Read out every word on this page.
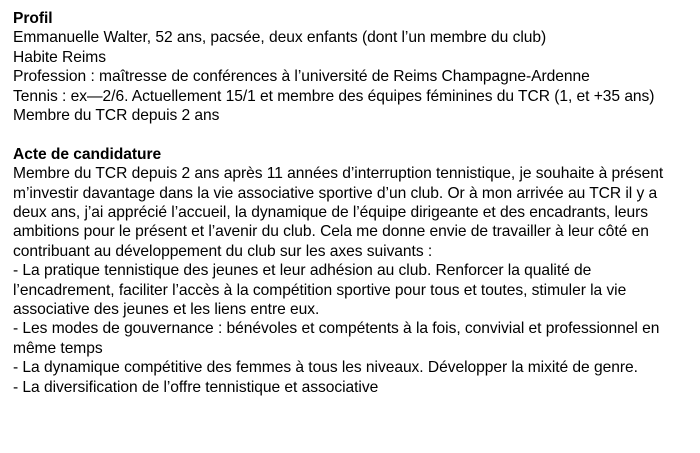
Profil
Emmanuelle Walter, 52 ans, pacsée, deux enfants (dont l’un membre du club)
Habite Reims
Profession : maîtresse de conférences à l’université de Reims Champagne-Ardenne
Tennis : ex—2/6. Actuellement 15/1 et membre des équipes féminines du TCR (1, et +35 ans)
Membre du TCR depuis 2 ans
Acte de candidature
Membre du TCR depuis 2 ans après 11 années d’interruption tennistique, je souhaite à présent
m’investir davantage dans la vie associative sportive d’un club. Or à mon arrivée au TCR il y a
deux ans, j’ai apprécié l’accueil, la dynamique de l’équipe dirigeante et des encadrants, leurs
ambitions pour le présent et l’avenir du club. Cela me donne envie de travailler à leur côté en
contribuant au développement du club sur les axes suivants :
- La pratique tennistique des jeunes et leur adhésion au club. Renforcer la qualité de
l’encadrement, faciliter l’accès à la compétition sportive pour tous et toutes, stimuler la vie
associative des jeunes et les liens entre eux.
- Les modes de gouvernance : bénévoles et compétents à la fois, convivial et professionnel en
même temps
- La dynamique compétitive des femmes à tous les niveaux. Développer la mixité de genre.
- La diversification de l’offre tennistique et associative
